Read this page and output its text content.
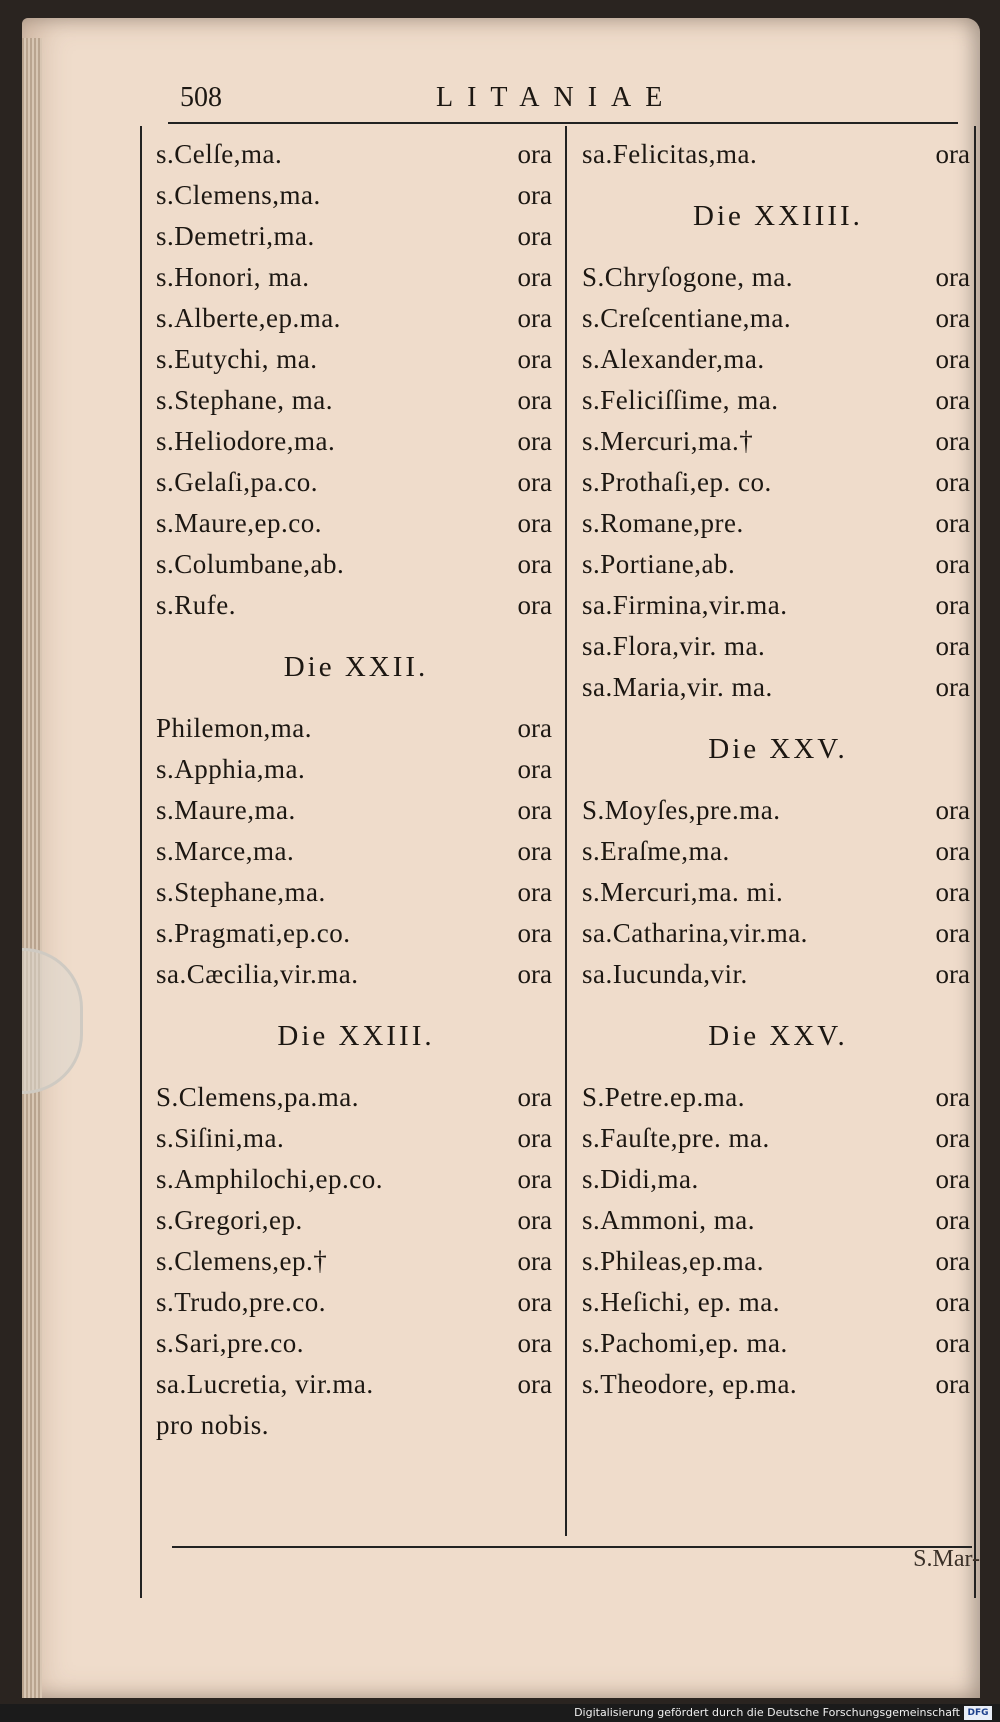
508	LITANIAE
s.Celſe,ma.	ora
s.Clemens,ma.	ora
s.Demetri,ma.	ora
s.Honori, ma.	ora
s.Alberte,ep.ma.	ora
s.Eutychi, ma.	ora
s.Stephane, ma.	ora
s.Heliodore,ma.	ora
s.Gelaſi,pa.co.	ora
s.Maure,ep.co.	ora
s.Columbane,ab.	ora
s.Rufe.	ora
Die XXII.
Philemon,ma.	ora
s.Apphia,ma.	ora
s.Maure,ma.	ora
s.Marce,ma.	ora
s.Stephane,ma.	ora
s.Pragmati,ep.co.	ora
sa.Cæcilia,vir.ma.	ora
Die XXIII.
S.Clemens,pa.ma.	ora
s.Siſini,ma.	ora
s.Amphilochi,ep.co.	ora
s.Gregori,ep.	ora
s.Clemens,ep.†	ora
s.Trudo,pre.co.	ora
s.Sari,pre.co.	ora
sa.Lucretia, vir.ma.	ora
pro nobis.
sa.Felicitas,ma.	ora
Die XXIIII.
S.Chryſogone, ma.	ora
s.Creſcentiane,ma.	ora
s.Alexander,ma.	ora
s.Feliciſſime, ma.	ora
s.Mercuri,ma.†	ora
s.Prothaſi,ep. co.	ora
s.Romane,pre.	ora
s.Portiane,ab.	ora
sa.Firmina,vir.ma.	ora
sa.Flora,vir. ma.	ora
sa.Maria,vir. ma.	ora
Die XXV.
S.Moyſes,pre.ma.	ora
s.Eraſme,ma.	ora
s.Mercuri,ma. mi.	ora
sa.Catharina,vir.ma.	ora
sa.Iucunda,vir.	ora
Die XXV.
S.Petre.ep.ma.	ora
s.Fauſte,pre. ma.	ora
s.Didi,ma.	ora
s.Ammoni, ma.	ora
s.Phileas,ep.ma.	ora
s.Heſichi, ep. ma.	ora
s.Pachomi,ep. ma.	ora
s.Theodore, ep.ma.	ora
S.Mar-
Digitalisierung gefördert durch die Deutsche Forschungsgemeinschaft DFG
